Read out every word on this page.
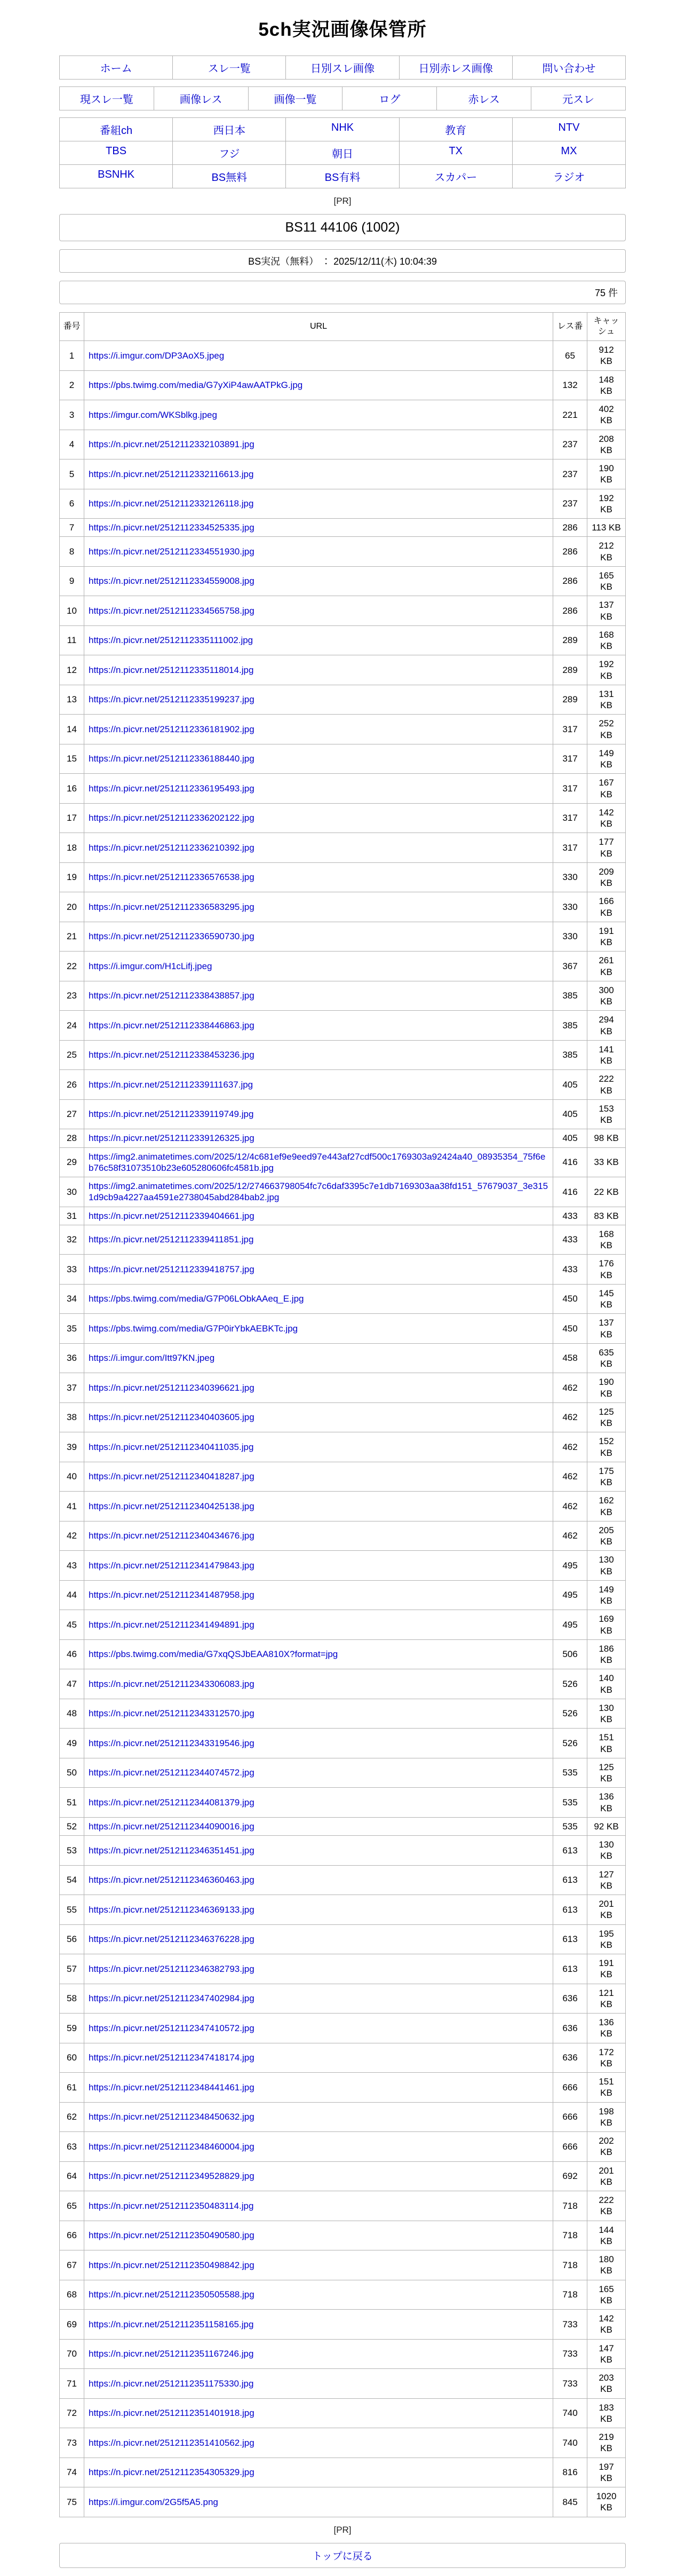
5ch実況画像保管所
ホーム	スレ一覧	日別スレ画像	日別赤レス画像	問い合わせ
現スレ一覧	画像レス	画像一覧	ログ	赤レス	元スレ
番組ch	西日本	NHK	教育	NTV
TBS	フジ	朝日	TX	MX
BSNHK	BS無料	BS有料	スカパー	ラジオ
[PR]
BS11 44106 (1002)
BS実況（無料） ： 2025/12/11(木) 10:04:39
75 件
番号	URL	レス番	キャッシュ
1	https://i.imgur.com/DP3AoX5.jpeg	65	912 KB
2	https://pbs.twimg.com/media/G7yXiP4awAATPkG.jpg	132	148 KB
3	https://imgur.com/WKSblkg.jpeg	221	402 KB
4	https://n.picvr.net/2512112332103891.jpg	237	208 KB
5	https://n.picvr.net/2512112332116613.jpg	237	190 KB
6	https://n.picvr.net/2512112332126118.jpg	237	192 KB
7	https://n.picvr.net/2512112334525335.jpg	286	113 KB
8	https://n.picvr.net/2512112334551930.jpg	286	212 KB
9	https://n.picvr.net/2512112334559008.jpg	286	165 KB
10	https://n.picvr.net/2512112334565758.jpg	286	137 KB
11	https://n.picvr.net/2512112335111002.jpg	289	168 KB
12	https://n.picvr.net/2512112335118014.jpg	289	192 KB
13	https://n.picvr.net/2512112335199237.jpg	289	131 KB
14	https://n.picvr.net/2512112336181902.jpg	317	252 KB
15	https://n.picvr.net/2512112336188440.jpg	317	149 KB
16	https://n.picvr.net/2512112336195493.jpg	317	167 KB
17	https://n.picvr.net/2512112336202122.jpg	317	142 KB
18	https://n.picvr.net/2512112336210392.jpg	317	177 KB
19	https://n.picvr.net/2512112336576538.jpg	330	209 KB
20	https://n.picvr.net/2512112336583295.jpg	330	166 KB
21	https://n.picvr.net/2512112336590730.jpg	330	191 KB
22	https://i.imgur.com/H1cLifj.jpeg	367	261 KB
23	https://n.picvr.net/2512112338438857.jpg	385	300 KB
24	https://n.picvr.net/2512112338446863.jpg	385	294 KB
25	https://n.picvr.net/2512112338453236.jpg	385	141 KB
26	https://n.picvr.net/2512112339111637.jpg	405	222 KB
27	https://n.picvr.net/2512112339119749.jpg	405	153 KB
28	https://n.picvr.net/2512112339126325.jpg	405	98 KB
29	https://img2.animatetimes.com/2025/12/4c681ef9e9eed97e443af27cdf500c1769303a92424a40_08935354_75f6eb76c58f31073510b23e605280606fc4581b.jpg	416	33 KB
30	https://img2.animatetimes.com/2025/12/274663798054fc7c6daf3395c7e1db7169303aa38fd151_57679037_3e3151d9cb9a4227aa4591e2738045abd284bab2.jpg	416	22 KB
31	https://n.picvr.net/2512112339404661.jpg	433	83 KB
32	https://n.picvr.net/2512112339411851.jpg	433	168 KB
33	https://n.picvr.net/2512112339418757.jpg	433	176 KB
34	https://pbs.twimg.com/media/G7P06LObkAAeq_E.jpg	450	145 KB
35	https://pbs.twimg.com/media/G7P0irYbkAEBKTc.jpg	450	137 KB
36	https://i.imgur.com/Itt97KN.jpeg	458	635 KB
37	https://n.picvr.net/2512112340396621.jpg	462	190 KB
38	https://n.picvr.net/2512112340403605.jpg	462	125 KB
39	https://n.picvr.net/2512112340411035.jpg	462	152 KB
40	https://n.picvr.net/2512112340418287.jpg	462	175 KB
41	https://n.picvr.net/2512112340425138.jpg	462	162 KB
42	https://n.picvr.net/2512112340434676.jpg	462	205 KB
43	https://n.picvr.net/2512112341479843.jpg	495	130 KB
44	https://n.picvr.net/2512112341487958.jpg	495	149 KB
45	https://n.picvr.net/2512112341494891.jpg	495	169 KB
46	https://pbs.twimg.com/media/G7xqQSJbEAA810X?format=jpg	506	186 KB
47	https://n.picvr.net/2512112343306083.jpg	526	140 KB
48	https://n.picvr.net/2512112343312570.jpg	526	130 KB
49	https://n.picvr.net/2512112343319546.jpg	526	151 KB
50	https://n.picvr.net/2512112344074572.jpg	535	125 KB
51	https://n.picvr.net/2512112344081379.jpg	535	136 KB
52	https://n.picvr.net/2512112344090016.jpg	535	92 KB
53	https://n.picvr.net/2512112346351451.jpg	613	130 KB
54	https://n.picvr.net/2512112346360463.jpg	613	127 KB
55	https://n.picvr.net/2512112346369133.jpg	613	201 KB
56	https://n.picvr.net/2512112346376228.jpg	613	195 KB
57	https://n.picvr.net/2512112346382793.jpg	613	191 KB
58	https://n.picvr.net/2512112347402984.jpg	636	121 KB
59	https://n.picvr.net/2512112347410572.jpg	636	136 KB
60	https://n.picvr.net/2512112347418174.jpg	636	172 KB
61	https://n.picvr.net/2512112348441461.jpg	666	151 KB
62	https://n.picvr.net/2512112348450632.jpg	666	198 KB
63	https://n.picvr.net/2512112348460004.jpg	666	202 KB
64	https://n.picvr.net/2512112349528829.jpg	692	201 KB
65	https://n.picvr.net/2512112350483114.jpg	718	222 KB
66	https://n.picvr.net/2512112350490580.jpg	718	144 KB
67	https://n.picvr.net/2512112350498842.jpg	718	180 KB
68	https://n.picvr.net/2512112350505588.jpg	718	165 KB
69	https://n.picvr.net/2512112351158165.jpg	733	142 KB
70	https://n.picvr.net/2512112351167246.jpg	733	147 KB
71	https://n.picvr.net/2512112351175330.jpg	733	203 KB
72	https://n.picvr.net/2512112351401918.jpg	740	183 KB
73	https://n.picvr.net/2512112351410562.jpg	740	219 KB
74	https://n.picvr.net/2512112354305329.jpg	816	197 KB
75	https://i.imgur.com/2G5f5A5.png	845	1020 KB
[PR]
トップに戻る
